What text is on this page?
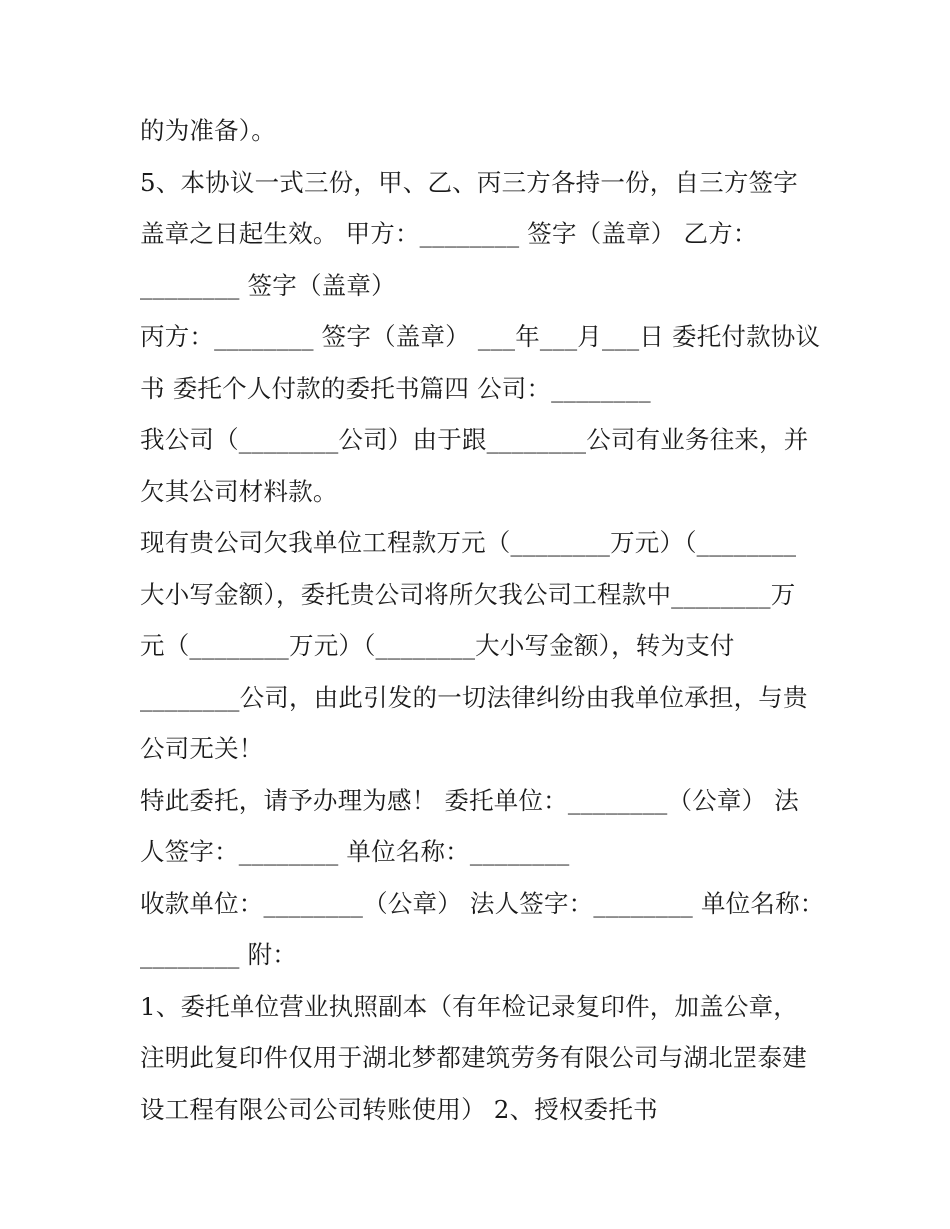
的为准备）。
5、本协议一式三份，甲、乙、丙三方各持一份，自三方签字
盖章之日起生效。 甲方：________ 签字（盖章） 乙方：
________ 签字（盖章）
丙方：________ 签字（盖章） ___年___月___日 委托付款协议
书 委托个人付款的委托书篇四 公司：________
我公司（________公司）由于跟________公司有业务往来，并
欠其公司材料款。
现有贵公司欠我单位工程款万元（________万元）（________
大小写金额），委托贵公司将所欠我公司工程款中________万
元（________万元）（________大小写金额），转为支付
________公司，由此引发的一切法律纠纷由我单位承担，与贵
公司无关！
特此委托，请予办理为感！ 委托单位：________（公章） 法
人签字：________ 单位名称：________
收款单位：________（公章） 法人签字：________ 单位名称：
________ 附：
1、委托单位营业执照副本（有年检记录复印件，加盖公章，
注明此复印件仅用于湖北梦都建筑劳务有限公司与湖北罡泰建
设工程有限公司公司转账使用） 2、授权委托书
